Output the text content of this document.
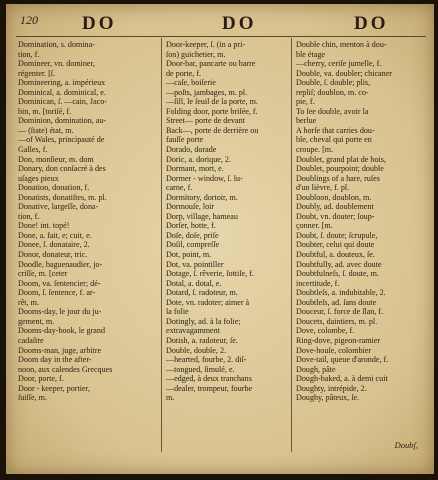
120 DO	DO	DO
Domination, s. domina-
tion, f.
Domineer, vn. dominer,
régenter. [ſ.
Domineering, a. impérieux
Dominical, a. dominical, e.
Dominican, ſ. —cain, Jaco-
bin, m. [toriſé, f.
Dominion, domination, au-
— (ſtate) état, m.
—of Wales, principauté de
Galles, f.
Don, monſieur, m. dom
Donary, don conſacré à des
uſages pieux
Donation, donation, f.
Donatists, donatiſtes, m. pl.
Donative, largeſſe, dona-
tion, f.
Done! int. topé!
Done, a. fait, e; cuit, e.
Donee, ſ. donataire, 2.
Donor, donateur, tric.
Doodle, baguenaudier, jo-
criſſe, m. [ceter
Doom, va. ſentencier; dé-
Doom, ſ. ſentence, f. ar-
rêt, m.
Dooms-day, le jour du ju-
gement, m.
Dooms-day-book, le grand
cadaſtre
Dooms-man, juge, arbitre
Doom day in the after-
noon, aux calendes Grecques
Door, porte, f.
Door - keeper, portier,
ſuiſſe, m.
Door-keeper, ſ. (in a pri-
ſon) guichetier, m.
Door-bar, pancarte ou barre
de porte, f.
—caſe, boiſerie
—poſts, jambages, m. pl.
—ſill, le ſeuil de la porte, m.
Folding door, porte briſée, f.
Street— porte de devant
Back—, porte de derrière ou
fauſſe porte
Dorado, dorade
Doric, a. dorique, 2.
Dormant, mort, e.
Dormer - window, ſ. lu-
carne, f.
Dormitory, dortoir, m.
Dormouſe, loir
Dorp, village, hameau
Dorſer, hotte, f.
Doſe, doſe, priſe
Doſil, compreſſe
Dot, point, m.
Dot, va. pointiller
Dotage, ſ. rêverie, ſottiſe, f.
Dotal, a. dotal, e.
Dotard, ſ. radoteur, m.
Dote, vn. radoter; aimer à
la folie
Dotingly, ad. à la folie;
extravagamment
Dotish, a. radoteur, ſe.
Double, double, 2.
—hearted, fourbe, 2. diſ-
—tongued, ſimulé, e.
—edged, à deux tranchans
—dealer, trompeur, fourbe
m.
Double chin, menton à dou-
ble étage
—cherry, ceriſe jumelle, f.
Double, va. doubler; chicaner
Double, ſ. double; plis,
repliſ; doublon, m. co-
pie, f.
To ſee double, avoir la
berlue
A horſe that carries dou-
ble, cheval qui porte en
croupe. [m.
Doublet, grand plat de bois,
Doublet, pourpoint; double
Doublings of a hare, ruſes
d'un lièvre, f. pl.
Doubloon, doublon, m.
Doubly, ad. doublement
Doubt, vn. douter; ſoup-
çonner. [m.
Doubt, ſ. doute; ſcrupule,
Doubter, celui qui doute
Doubtful, a. douteux, ſe.
Doubtfully, ad. avec doute
Doubtfulneſs, ſ. doute, m.
incertitude, f.
Doubtleſs, a. indubitable, 2.
Doubtleſs, ad. ſans doute
Douceur, ſ. force de ſlan, f.
Doucets, daintiers, m. pl.
Dove, colombe, f.
Ring-dove, pigeon-ramier
Dove-houſe, colombier
Dove-tail, queue d'aronde, f.
Dough, pâte
Dough-baked, a. à demi cuit
Doughty, intrépide, 2.
Doughy, pâteux, ſe.
Doubſ,
